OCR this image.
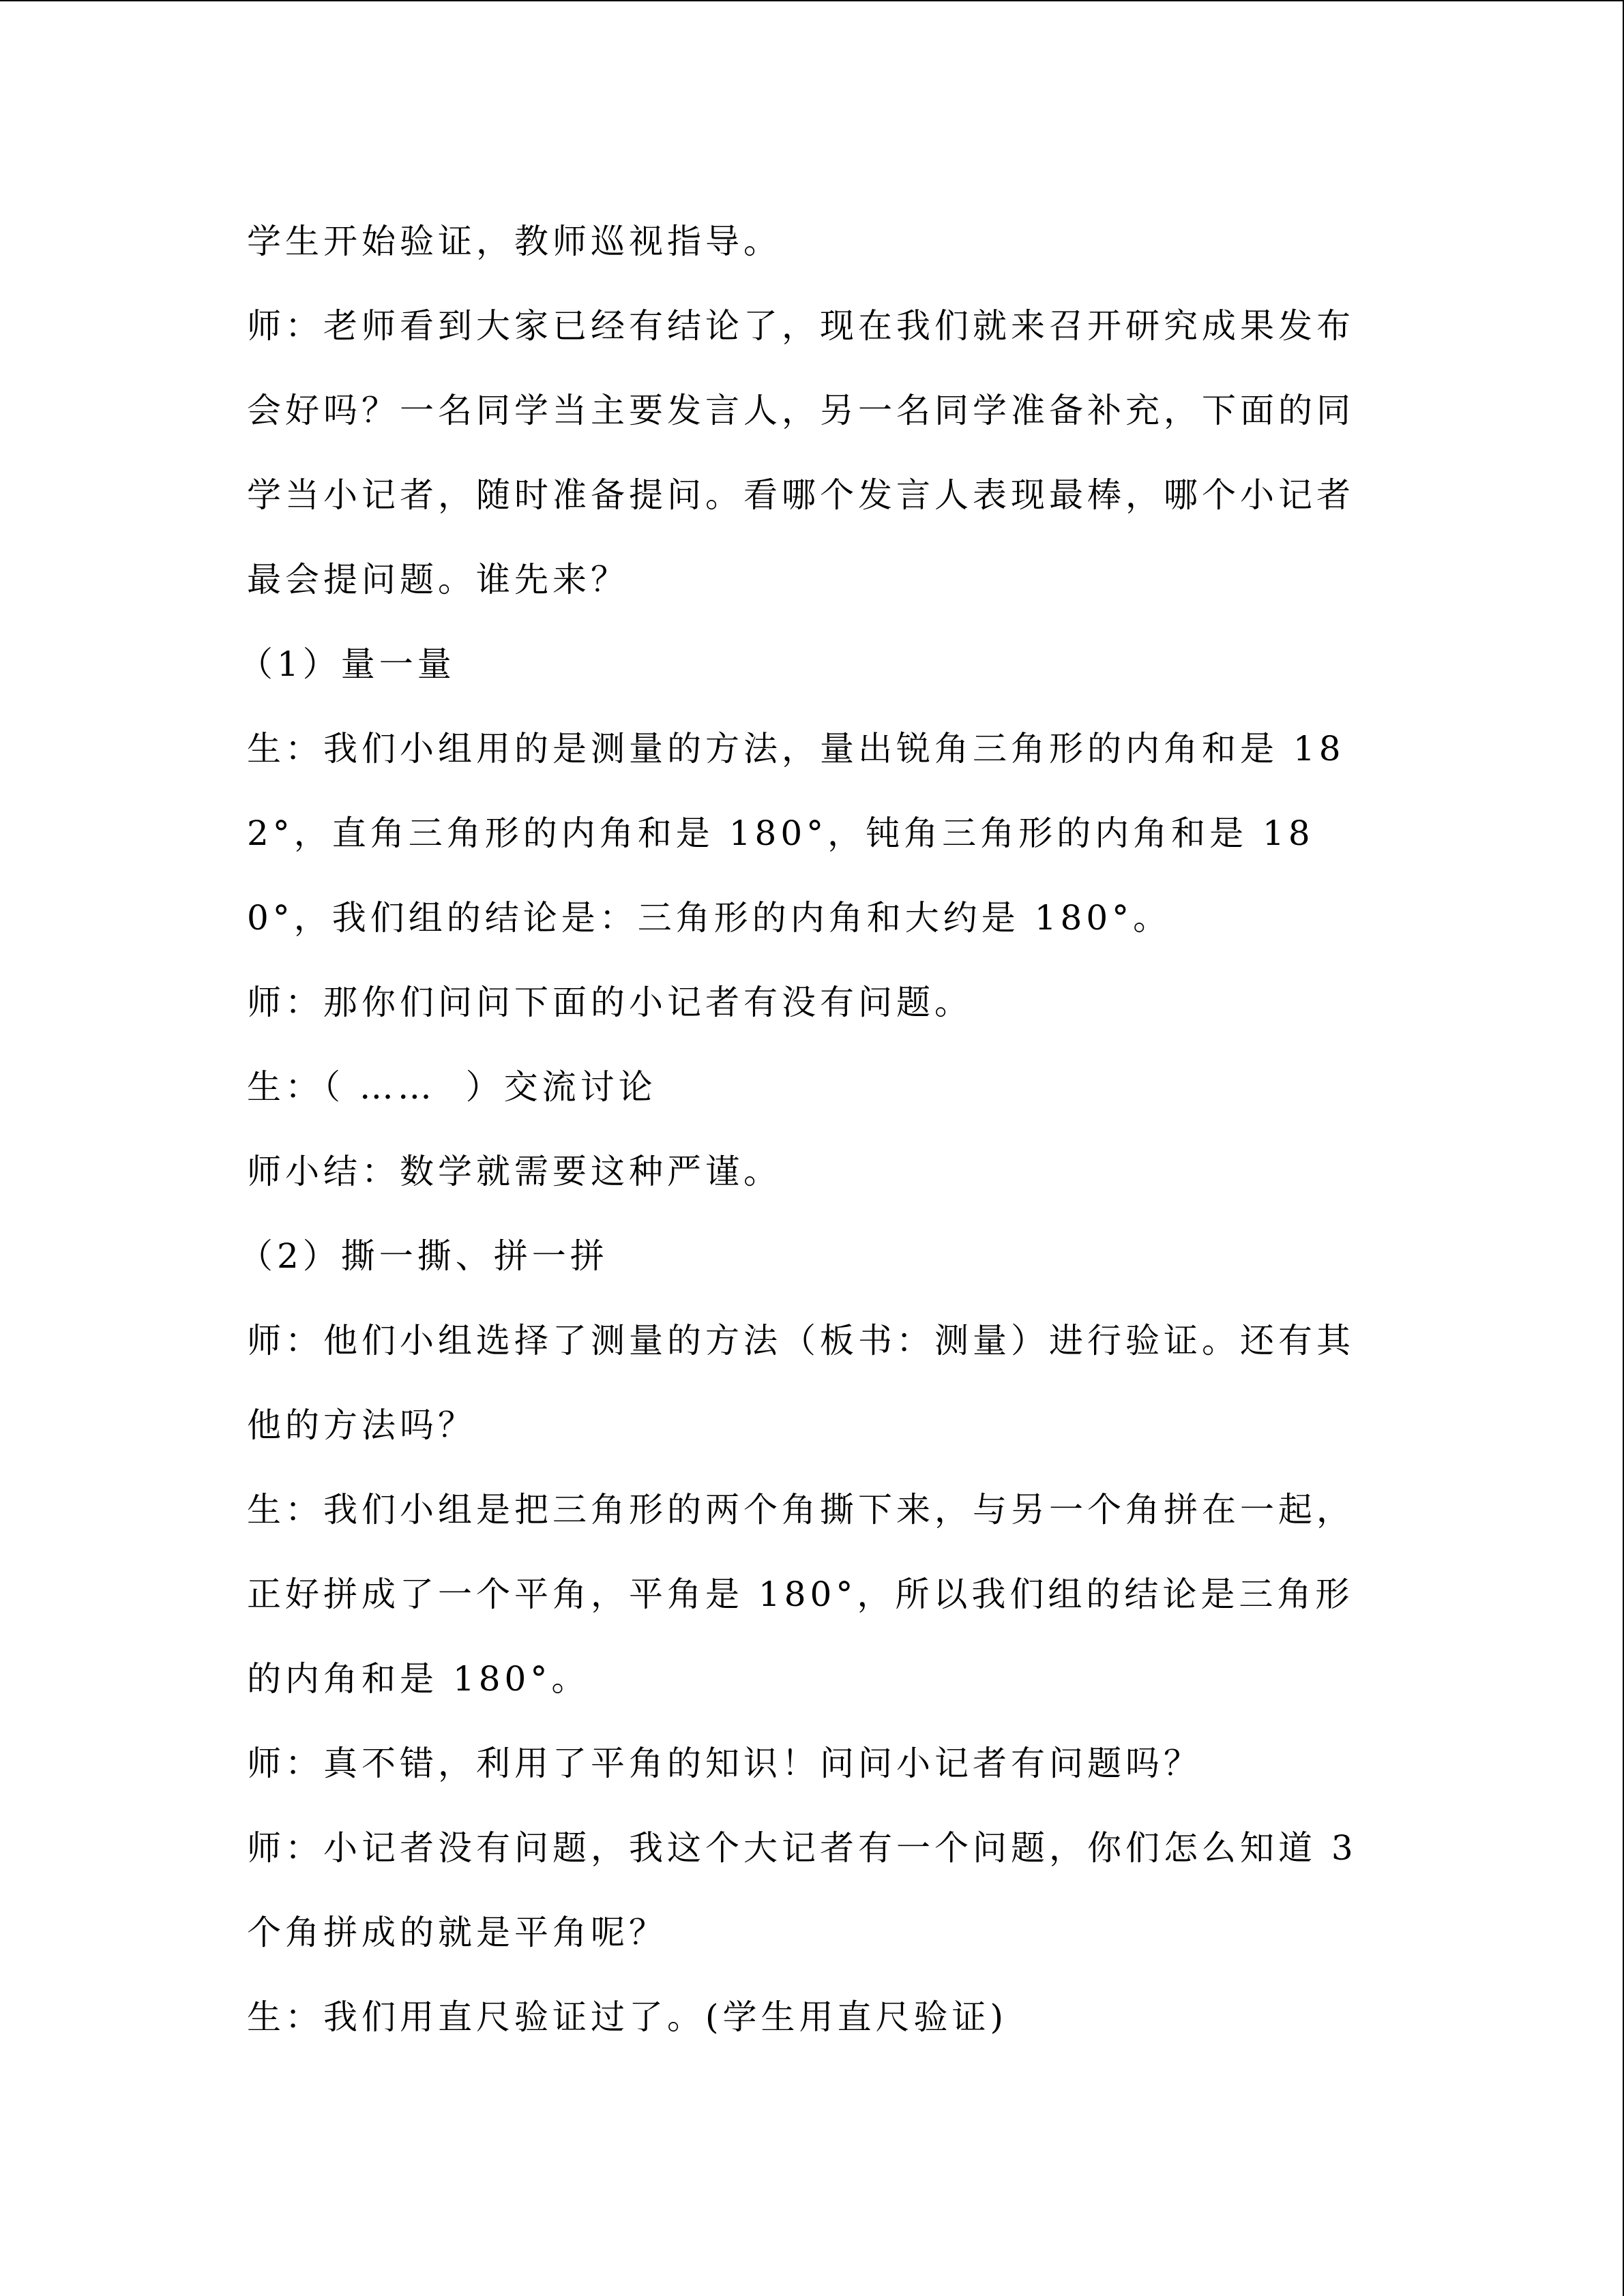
学生开始验证，教师巡视指导。

师：老师看到大家已经有结论了，现在我们就来召开研究成果发布会好吗？一名同学当主要发言人，另一名同学准备补充，下面的同学当小记者，随时准备提问。看哪个发言人表现最棒，哪个小记者最会提问题。谁先来？

（1）量一量

生：我们小组用的是测量的方法，量出锐角三角形的内角和是 182°，直角三角形的内角和是 180°，钝角三角形的内角和是 180°，我们组的结论是：三角形的内角和大约是 180°。

师：那你们问问下面的小记者有没有问题。

生：（ ……  ）交流讨论

师小结：数学就需要这种严谨。

（2）撕一撕、拼一拼

师：他们小组选择了测量的方法（板书：测量）进行验证。还有其他的方法吗？

生：我们小组是把三角形的两个角撕下来，与另一个角拼在一起，正好拼成了一个平角，平角是 180°，所以我们组的结论是三角形的内角和是 180°。

师：真不错，利用了平角的知识！问问小记者有问题吗？

师：小记者没有问题，我这个大记者有一个问题，你们怎么知道 3 个角拼成的就是平角呢？

生：我们用直尺验证过了。(学生用直尺验证)
